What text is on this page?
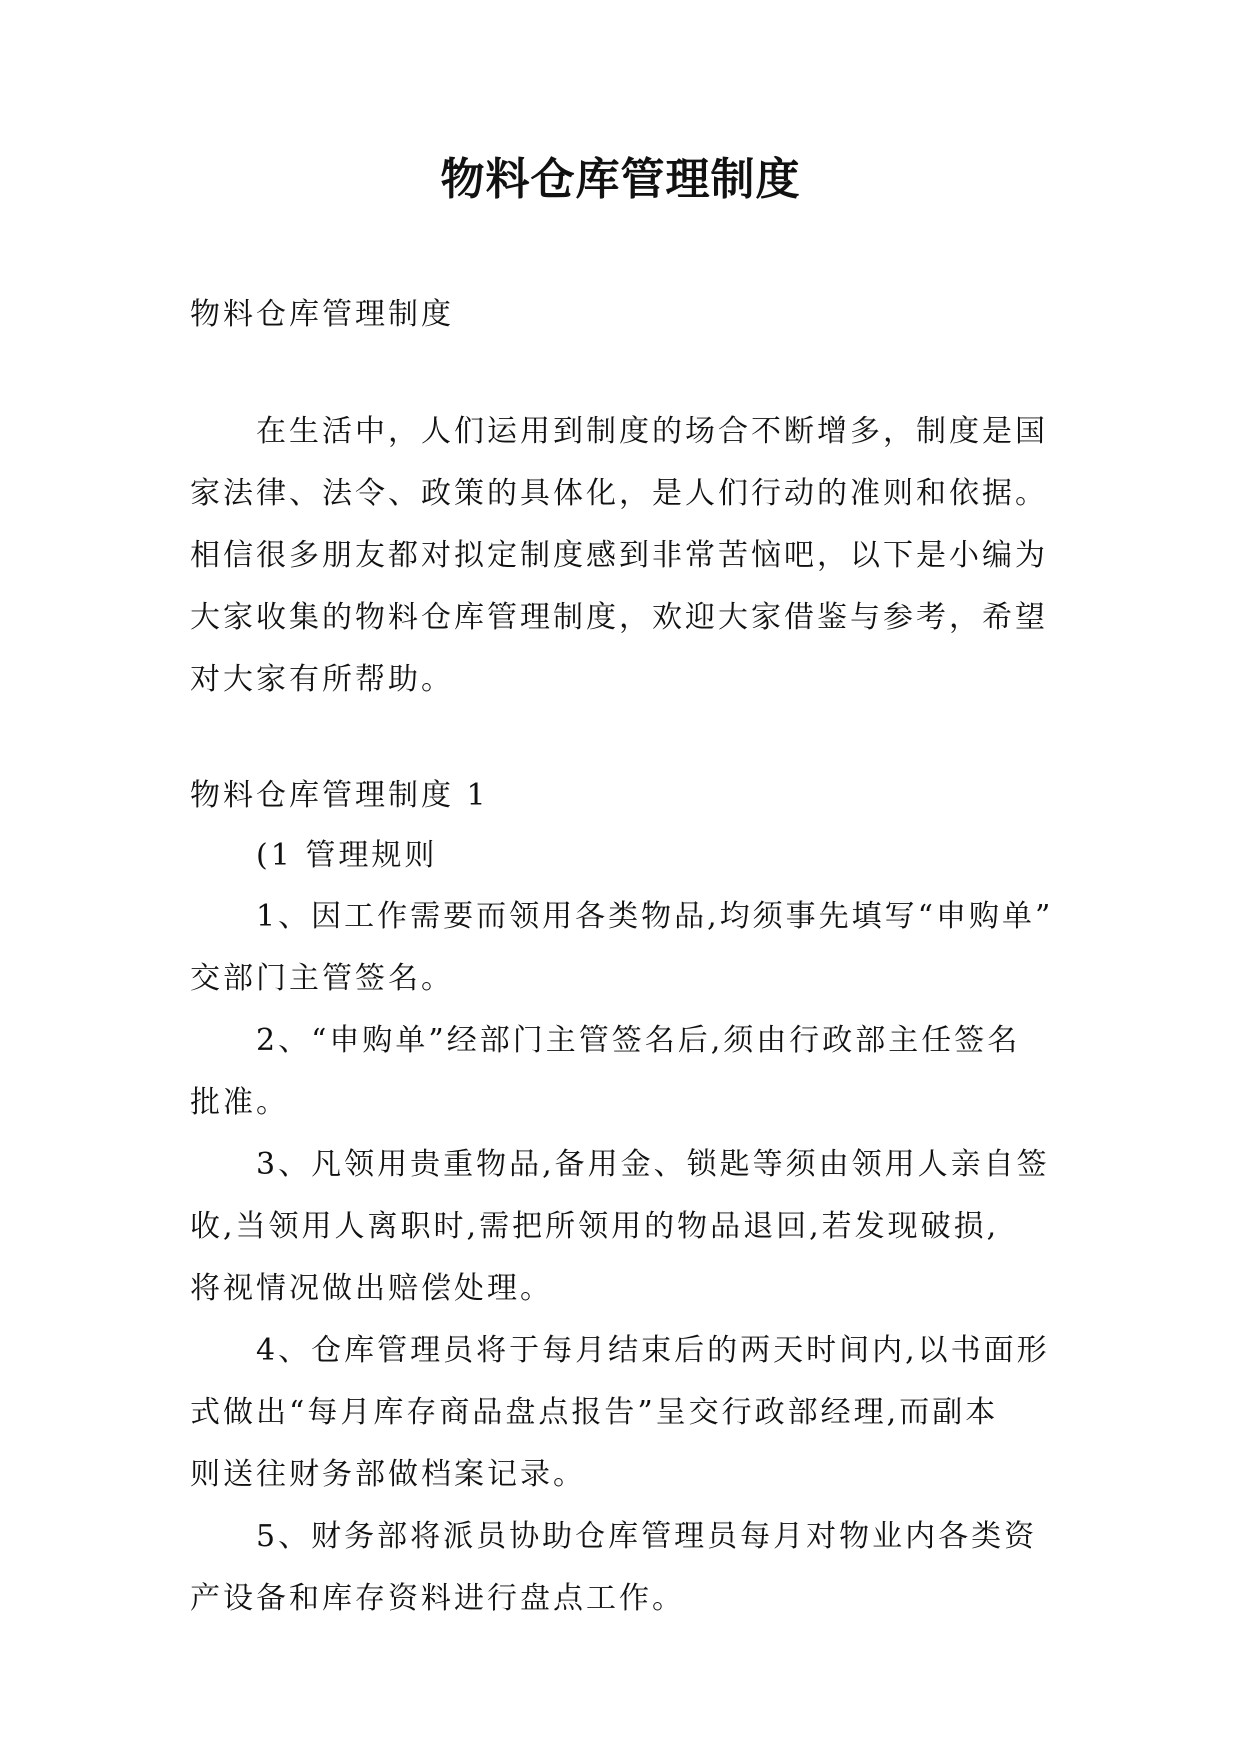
物料仓库管理制度
物料仓库管理制度
在生活中，人们运用到制度的场合不断增多，制度是国
家法律、法令、政策的具体化，是人们行动的准则和依据。
相信很多朋友都对拟定制度感到非常苦恼吧，以下是小编为
大家收集的物料仓库管理制度，欢迎大家借鉴与参考，希望
对大家有所帮助。
物料仓库管理制度 1
(1 管理规则
1、因工作需要而领用各类物品,均须事先填写“申购单”
交部门主管签名。
2、“申购单”经部门主管签名后,须由行政部主任签名
批准。
3、凡领用贵重物品,备用金、锁匙等须由领用人亲自签
收,当领用人离职时,需把所领用的物品退回,若发现破损,
将视情况做出赔偿处理。
4、仓库管理员将于每月结束后的两天时间内,以书面形
式做出“每月库存商品盘点报告”呈交行政部经理,而副本
则送往财务部做档案记录。
5、财务部将派员协助仓库管理员每月对物业内各类资
产设备和库存资料进行盘点工作。
